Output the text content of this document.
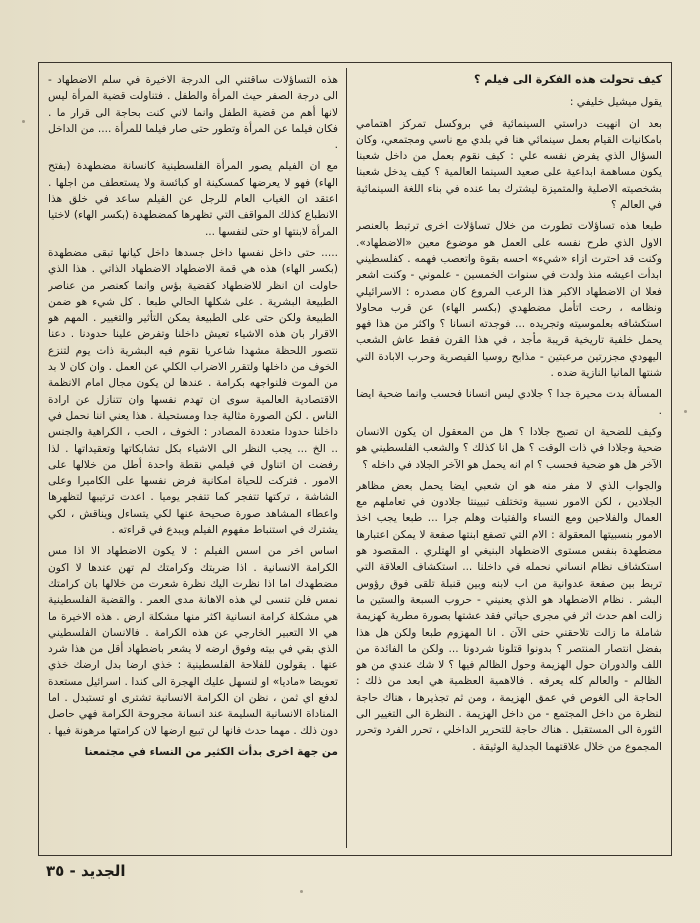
كيف تحولت هذه الفكرة الى فيلم ؟

يقول ميشيل خليفي :

بعد ان انهيت دراستي السينمائية في بروكسل تمركز اهتمامي بامكانيات القيام بعمل سينمائي هنا في بلدي مع ناسي ومجتمعي، وكان السؤال الذي يفرض نفسه علي : كيف نقوم بعمل من داخل شعبنا يكون مساهمة ابداعية على صعيد السينما العالمية ؟ كيف يدخل شعبنا بشخصيته الاصلية والمتميزة ليشترك بما عنده في بناء اللغة السينمائية في العالم ؟

طبعا هذه تساؤلات تطورت من خلال تساؤلات اخرى ترتبط بالعنصر الاول الذي طرح نفسه على العمل هو موضوع معين «الاضطهاد». وكنت قد احترت ازاء «شيء» احسه بقوة واتعصب فهمه . كفلسطيني ابدأت اعيشه منذ ولدت في سنوات الخمسين - علموني - وكنت اشعر فعلا ان الاضطهاد الاكبر هذا الرعب المروع كان مصدره : الاسرائيلي ونظامه ، رحت اتأمل مضطهدي (بكسر الهاء) عن قرب محاولا استكشافه بعلموسيته وتجريده ... فوجدته انسانا ؟ واكثر من هذا فهو يحمل خلفية تاريخية قريبة مأجد ، في هذا القرن فقط عاش الشعب اليهودي مجزرتين مرعبتين - مذابح روسيا القيصرية وحرب الابادة التي شنتها المانيا النازية ضده .

المسألة بدت محيرة جدا ؟ جلادي ليس انسانا فحسب وانما ضحية ايضا .

وكيف للضحية ان تصبح جلادا ؟ هل من المعقول ان يكون الانسان ضحية وجلادا في ذات الوقت ؟ هل انا كذلك ؟ والشعب الفلسطيني هو الآخر هل هو ضحية فحسب ؟ ام انه يحمل هو الآخر الجلاد في داخله ؟

والجواب الذي لا مفر منه هو ان شعبي ايضا يحمل بعض مظاهر الجلادين ، لكن الامور نسبية وتختلف تبيينتا جلادون في تعاملهم مع العمال والفلاحين ومع النساء والفتيات وهلم جرا ... طبعا يجب اخذ الامور بنسبيتها المعقولة : الام التي تصفع ابنتها صفعة لا يمكن اعتبارها مضطهدة بنفس مستوى الاضطهاد البنيغي او الهتلري . المقصود هو استكشاف نظام انساني نحمله في داخلنا ... استكشاف العلاقة التي تربط بين صفعة عدوانية من اب لابنه وبين قنبلة تلقى فوق رؤوس البشر . نظام الاضطهاد هو الذي يعنيني - حروب السبعة والستين ما زالت اهم حدث اثر في مجرى حياتي فقد عشتها بصورة مطرية كهزيمة شاملة ما زالت تلاحقني حتى الآن . انا المهزوم طبعا ولكن هل هذا بفضل انتصار المنتصر ؟ بدونوا قتلونا شردونا ... ولكن ما الفائدة من اللف والدوران حول الهزيمة وحول الظالم فيها ؟ لا شك عندي من هو الظالم - والعالم كله يعرفه . فالاهمية العظمية هي ابعد من ذلك : الحاجة الى الغوص في عمق الهزيمة ، ومن ثم تجذيرها ، هناك حاجة لنظرة من داخل المجتمع - من داخل الهزيمة . النظرة الى التغيير الى الثورة الى المستقبل . هناك حاجة للتحرير الداخلي ، تحرر الفرد وتحرر المجموع من خلال علاقتهما الجدلية الوثيقة .

هذه التساؤلات ساقتني الى الدرجة الاخيرة في سلم الاضطهاد - الى درجة الصفر حيث المرأة والطفل . فتناولت قضية المرأة ليس لانها أهم من قضية الطفل وانما لاني كنت بحاجة الى قرار ما . فكان فيلما عن المرأة وتطور حتى صار فيلما للمرأة .... من الداخل .

مع ان الفيلم يصور المرأة الفلسطينية كانسانة مضطهدة (بفتح الهاء) فهو لا يعرضها كمسكينة او كبائسة ولا يستعطف من اجلها . اعتقد ان الغياب العام للرجل عن الفيلم ساعد في خلق هذا الانطباع كذلك المواقف التي تظهرها كمضطهدة (بكسر الهاء) لاختيا المرأة لابنتها او حتى لنفسها ...

..... حتى داخل نفسها داخل جسدها داخل كيانها تبقى مضطهدة (بكسر الهاء) هذه هي قمة الاضطهاد الاضطهاد الذاتي . هذا الذي حاولت ان انظر للاضطهاد كقضية بؤس وانما كعنصر من عناصر الطبيعة البشرية . على شكلها الحالي طبعا . كل شيء هو ضمن الطبيعة ولكن حتى على الطبيعة يمكن التأثير والتغيير . المهم هو الاقرار بان هذه الاشياء تعيش داخلنا وتفرض علينا حدودنا . دعنا نتصور اللحظة مشهدا شاعريا نقوم فيه البشرية ذات يوم لتنزع الخوف من داخلها ولتقرر الاضراب الكلي عن العمل . وان كان لا بد من الموت فلنواجهه بكرامة . عندها لن يكون مجال امام الانظمة الاقتصادية العالمية سوى ان تهدم نفسها وان تتنازل عن ارادة الناس . لكن الصورة مثالية جدا ومستحيلة . هذا يعني اننا نحمل في داخلنا حدودا متعددة المصادر : الخوف ، الحب ، الكراهية والجنس .. الخ ... يجب النظر الى الاشياء بكل تشابكاتها وتعقيداتها . لذا رفضت ان اتناول في فيلمي نقطة واحدة أطل من خلالها على الامور . فتركت للحياة امكانية فرض نفسها على الكاميرا وعلى الشاشة ، تركتها تتفجر كما تتفجر يوميا . اعدت ترتيبها لتظهرها واعطاء المشاهد صورة صحيحة عنها لكي يتساءل ويناقش ، لكي يشترك في استنباط مفهوم الفيلم ويبدع في قراءته .

اساس اخر من اسس الفيلم : لا يكون الاضطهاد الا اذا مس الكرامة الانسانية . اذا ضربتك وكرامتك لم تهن عندها لا اكون مضطهدك اما اذا نظرت اليك نظرة شعرت من خلالها بان كرامتك نمس فلن تنسى لي هذه الاهانة مدى العمر . والقضية الفلسطينية هي مشكلة كرامة انسانية اكثر منها مشكلة ارض . هذه الاخيرة ما هي الا التعبير الخارجي عن هذه الكرامة . فالانسان الفلسطيني الذي بقي في بيته وفوق ارضه لا يشعر باضطهاد أقل من هذا شرد عنها . يقولون للفلاحة الفلسطينية : خذي ارضا بدل ارضك خذي تعويضا «ماديا» او لنسهل عليك الهجرة الى كندا . اسرائيل مستعدة لدفع اي ثمن ، نظن ان الكرامة الانسانية تشترى او تستبدل . اما المناداة الانسانية السليمة عند انسانة مجروحة الكرامة فهي حاصل دون ذلك . مهما حدث فانها لن تبيع ارضها لان كرامتها مرهونة فيها .

من جهة اخرى بدأت الكثير من النساء في مجتمعنا

الجديد - ٣٥
